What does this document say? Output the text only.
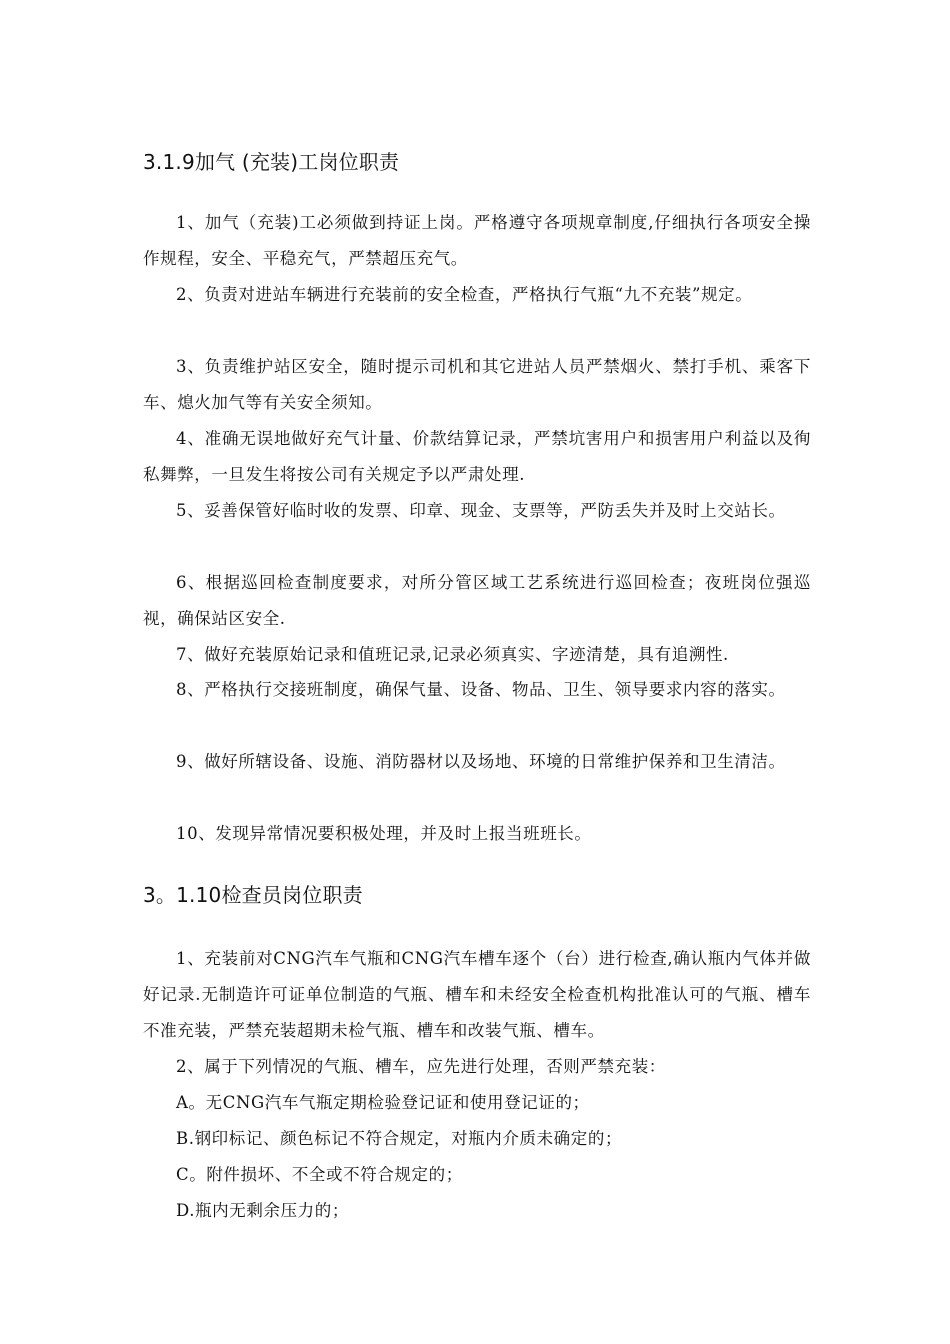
3.1.9加气 (充装)工岗位职责

1、加气（充装)工必须做到持证上岗。严格遵守各项规章制度,仔细执行各项安全操作规程，安全、平稳充气，严禁超压充气。

2、负责对进站车辆进行充装前的安全检查，严格执行气瓶“九不充装”规定。

3、负责维护站区安全，随时提示司机和其它进站人员严禁烟火、禁打手机、乘客下车、熄火加气等有关安全须知。

4、准确无误地做好充气计量、价款结算记录，严禁坑害用户和损害用户利益以及徇私舞弊，一旦发生将按公司有关规定予以严肃处理.

5、妥善保管好临时收的发票、印章、现金、支票等，严防丢失并及时上交站长。

6、根据巡回检查制度要求，对所分管区域工艺系统进行巡回检查；夜班岗位强巡视，确保站区安全.

7、做好充装原始记录和值班记录,记录必须真实、字迹清楚，具有追溯性.

8、严格执行交接班制度，确保气量、设备、物品、卫生、领导要求内容的落实。

9、做好所辖设备、设施、消防器材以及场地、环境的日常维护保养和卫生清洁。

10、发现异常情况要积极处理，并及时上报当班班长。

3。1.10检查员岗位职责

1、充装前对CNG汽车气瓶和CNG汽车槽车逐个（台）进行检查,确认瓶内气体并做好记录.无制造许可证单位制造的气瓶、槽车和未经安全检查机构批准认可的气瓶、槽车不准充装，严禁充装超期未检气瓶、槽车和改装气瓶、槽车。

2、属于下列情况的气瓶、槽车，应先进行处理，否则严禁充装：

A。无CNG汽车气瓶定期检验登记证和使用登记证的；

B.钢印标记、颜色标记不符合规定，对瓶内介质未确定的；

C。附件损坏、不全或不符合规定的；

D.瓶内无剩余压力的；
